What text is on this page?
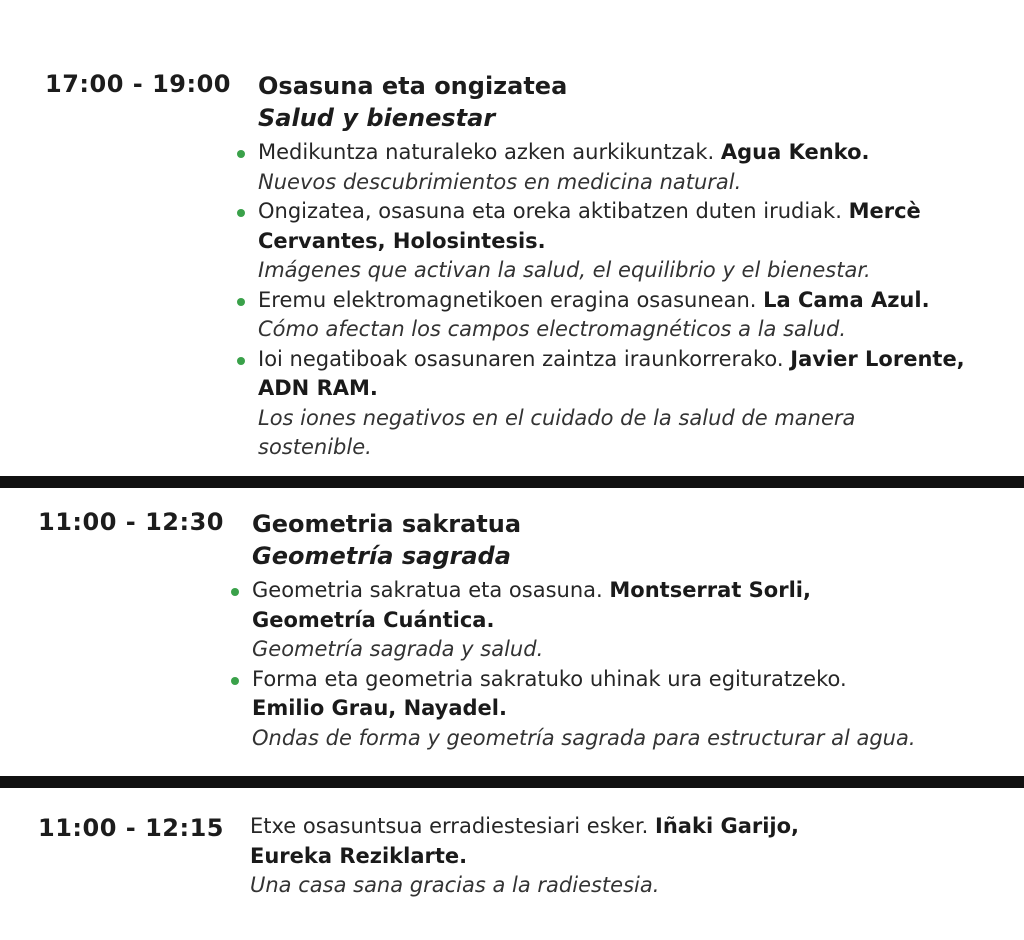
17:00 - 19:00 Osasuna eta ongizatea
Salud y bienestar
Medikuntza naturaleko azken aurkikuntzak. Agua Kenko.
Nuevos descubrimientos en medicina natural.
Ongizatea, osasuna eta oreka aktibatzen duten irudiak. Mercè Cervantes, Holosintesis.
Imágenes que activan la salud, el equilibrio y el bienestar.
Eremu elektromagnetikoen eragina osasunean. La Cama Azul.
Cómo afectan los campos electromagnéticos a la salud.
Ioi negatiboak osasunaren zaintza iraunkorrerako. Javier Lorente, ADN RAM.
Los iones negativos en el cuidado de la salud de manera sostenible.
11:00 - 12:30 Geometria sakratua
Geometría sagrada
Geometria sakratua eta osasuna. Montserrat Sorli, Geometría Cuántica.
Geometría sagrada y salud.
Forma eta geometria sakratuko uhinak ura egituratzeko.
Emilio Grau, Nayadel.
Ondas de forma y geometría sagrada para estructurar al agua.
11:00 - 12:15 Etxe osasuntsua erradiestesiari esker. Iñaki Garijo, Eureka Reziklarte.
Una casa sana gracias a la radiestesia.
